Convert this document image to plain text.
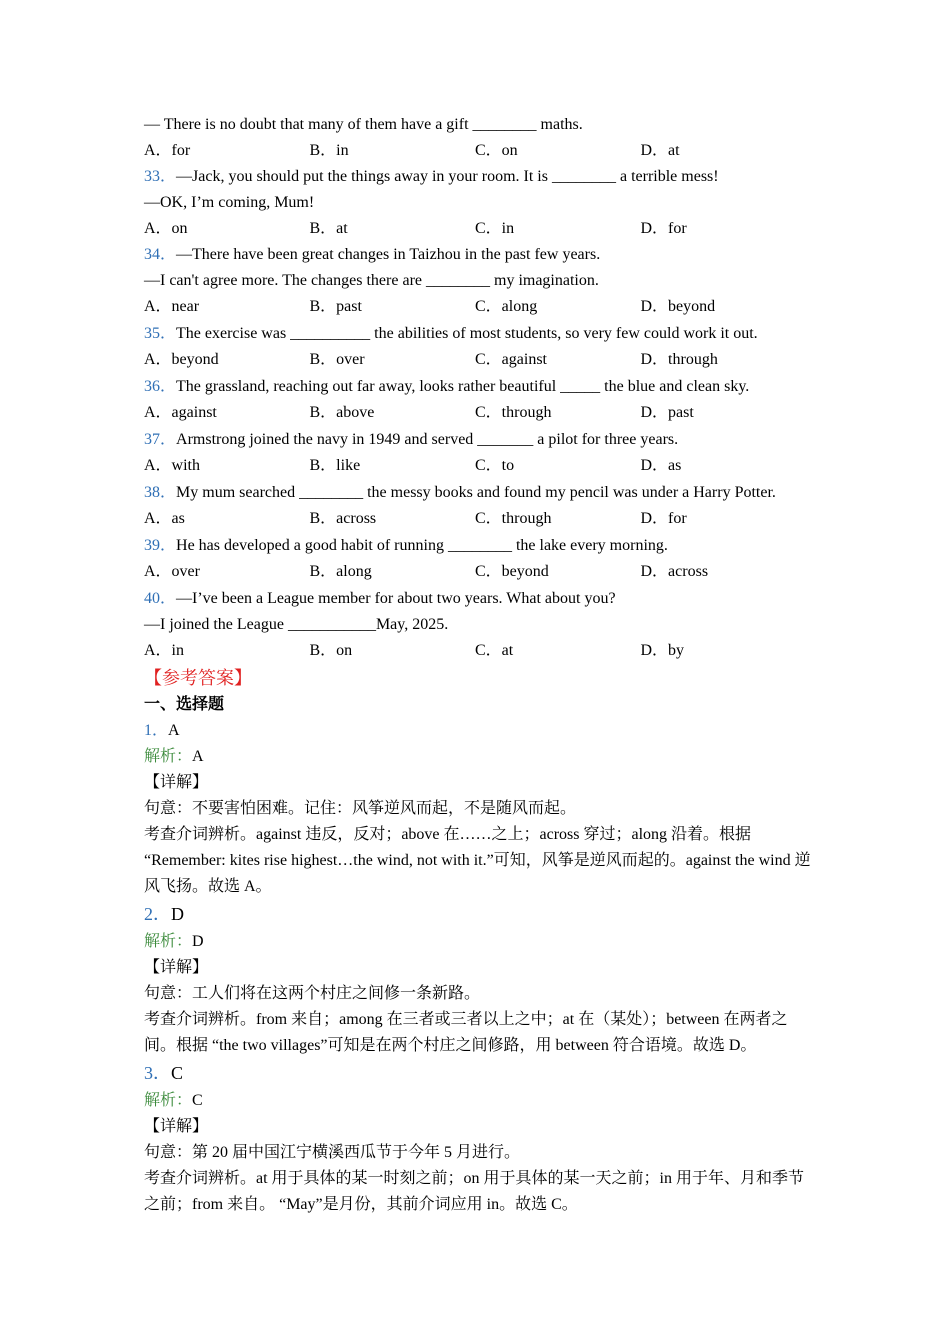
— There is no doubt that many of them have a gift ________ maths.
A．for	B．in	C．on	D．at
33．—Jack, you should put the things away in your room. It is ________ a terrible mess!
—OK, I’m coming, Mum!
A．on	B．at	C．in	D．for
34．—There have been great changes in Taizhou in the past few years.
—I can't agree more. The changes there are ________ my imagination.
A．near	B．past	C．along	D．beyond
35．The exercise was __________ the abilities of most students, so very few could work it out.
A．beyond	B．over	C．against	D．through
36．The grassland, reaching out far away, looks rather beautiful _____ the blue and clean sky.
A．against	B．above	C．through	D．past
37．Armstrong joined the navy in 1949 and served _______ a pilot for three years.
A．with	B．like	C．to	D．as
38．My mum searched ________ the messy books and found my pencil was under a Harry Potter.
A．as	B．across	C．through	D．for
39．He has developed a good habit of running ________ the lake every morning.
A．over	B．along	C．beyond	D．across
40．—I’ve been a League member for about two years. What about you?
—I joined the League ___________May, 2025.
A．in	B．on	C．at	D．by
【参考答案】
一、选择题
1．A
解析：A
【详解】
句意：不要害怕困难。记住：风筝逆风而起，不是随风而起。
考查介词辨析。against 违反，反对；above 在……之上；across 穿过；along 沿着。根据 “Remember: kites rise highest…the wind, not with it.”可知，风筝是逆风而起的。against the wind 逆风飞扬。故选 A。
2．D
解析：D
【详解】
句意：工人们将在这两个村庄之间修一条新路。
考查介词辨析。from 来自；among 在三者或三者以上之中；at 在（某处）；between 在两者之间。根据 “the two villages”可知是在两个村庄之间修路，用 between 符合语境。故选 D。
3．C
解析：C
【详解】
句意：第 20 届中国江宁横溪西瓜节于今年 5 月进行。
考查介词辨析。at 用于具体的某一时刻之前；on 用于具体的某一天之前；in 用于年、月和季节之前；from 来自。 “May”是月份，其前介词应用 in。故选 C。
